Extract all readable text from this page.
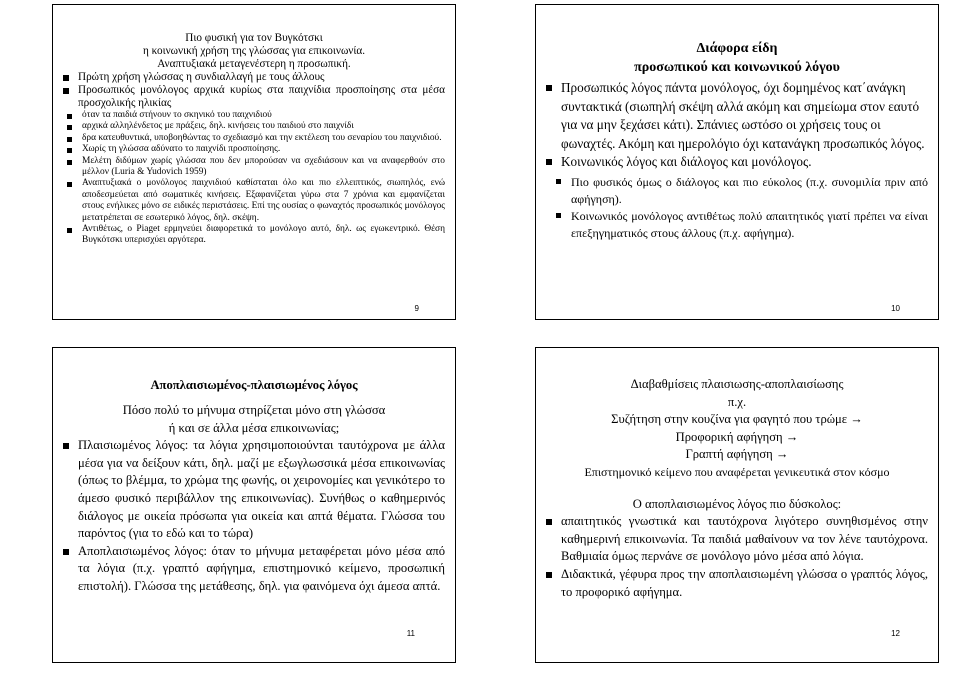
Πιο φυσική για τον Βυγκότσκι
η κοινωνική χρήση της γλώσσας για επικοινωνία.
Αναπτυξιακά μεταγενέστερη η προσωπική.
Πρώτη χρήση γλώσσας η συνδιαλλαγή με τους άλλους
Προσωπικός μονόλογος αρχικά κυρίως στα παιχνίδια προσποίησης στα μέσα προσχολικής ηλικίας
όταν τα παιδιά στήνουν το σκηνικό του παιχνιδιού
αρχικά αλληλένδετος με πράξεις, δηλ. κινήσεις του παιδιού στο παιχνίδι
δρα κατευθυντικά, υποβοηθώντας το σχεδιασμό και την εκτέλεση του σεναρίου του παιχνιδιού.
Χωρίς τη γλώσσα αδύνατο το παιχνίδι προσποίησης.
Μελέτη διδύμων χωρίς γλώσσα που δεν μπορούσαν να σχεδιάσουν και να αναφερθούν στο μέλλον (Luria & Yudovich 1959)
Αναπτυξιακά ο μονόλογος παιχνιδιού καθίσταται όλο και πιο ελλειπτικός, σιωπηλός, ενώ αποδεσμεύεται από σωματικές κινήσεις. Εξαφανίζεται γύρω στα 7 χρόνια και εμφανίζεται στους ενήλικες μόνο σε ειδικές περιστάσεις. Επί της ουσίας ο φωναχτός προσωπικός μονόλογος μετατρέπεται σε εσωτερικό λόγος, δηλ. σκέψη.
Αντιθέτως, ο Piaget ερμηνεύει διαφορετικά το μονόλογο αυτό, δηλ. ως εγωκεντρικό. Θέση Βυγκότσκι υπερισχύει αργότερα.
9
Διάφορα είδη
προσωπικού και κοινωνικού λόγου
Προσωπικός λόγος πάντα μονόλογος, όχι δομημένος κατ΄ανάγκη συντακτικά (σιωπηλή σκέψη αλλά ακόμη και σημείωμα στον εαυτό για να μην ξεχάσει κάτι). Σπάνιες ωστόσο οι χρήσεις τους οι φωναχτές. Ακόμη και ημερολόγιο όχι κατανάγκη προσωπικός λόγος.
Κοινωνικός λόγος και διάλογος και μονόλογος.
Πιο φυσικός όμως ο διάλογος και πιο εύκολος (π.χ. συνομιλία πριν από αφήγηση).
Κοινωνικός μονόλογος αντιθέτως πολύ απαιτητικός γιατί πρέπει να είναι επεξηγηματικός στους άλλους (π.χ. αφήγημα).
10
Αποπλαισιωμένος-πλαισιωμένος λόγος
Πόσο πολύ το μήνυμα στηρίζεται μόνο στη γλώσσα
ή και σε άλλα μέσα επικοινωνίας;
Πλαισιωμένος λόγος: τα λόγια χρησιμοποιούνται ταυτόχρονα με άλλα μέσα για να δείξουν κάτι, δηλ. μαζί με εξωγλωσσικά μέσα επικοινωνίας (όπως το βλέμμα, το χρώμα της φωνής, οι χειρονομίες και γενικότερο το άμεσο φυσικό περιβάλλον της επικοινωνίας). Συνήθως ο καθημερινός διάλογος με οικεία πρόσωπα για οικεία και απτά θέματα. Γλώσσα του παρόντος (για το εδώ και το τώρα)
Αποπλαισιωμένος λόγος: όταν το μήνυμα μεταφέρεται μόνο μέσα από τα λόγια (π.χ. γραπτό αφήγημα, επιστημονικό κείμενο, προσωπική επιστολή). Γλώσσα της μετάθεσης, δηλ. για φαινόμενα όχι άμεσα απτά.
11
Διαβαθμίσεις πλαισιωσης-αποπλαισίωσης
π.χ.
Συζήτηση στην κουζίνα για φαγητό που τρώμε →
Προφορική αφήγηση →
Γραπτή αφήγηση →
Επιστημονικό κείμενο που αναφέρεται γενικευτικά στον κόσμο
Ο αποπλαισιωμένος λόγος πιο δύσκολος:
απαιτητικός γνωστικά και ταυτόχρονα λιγότερο συνηθισμένος στην καθημερινή επικοινωνία. Τα παιδιά μαθαίνουν να τον λένε ταυτόχρονα. Βαθμιαία όμως περνάνε σε μονόλογο μόνο μέσα από λόγια.
Διδακτικά, γέφυρα προς την αποπλαισιωμένη γλώσσα ο γραπτός λόγος, το προφορικό αφήγημα.
12
